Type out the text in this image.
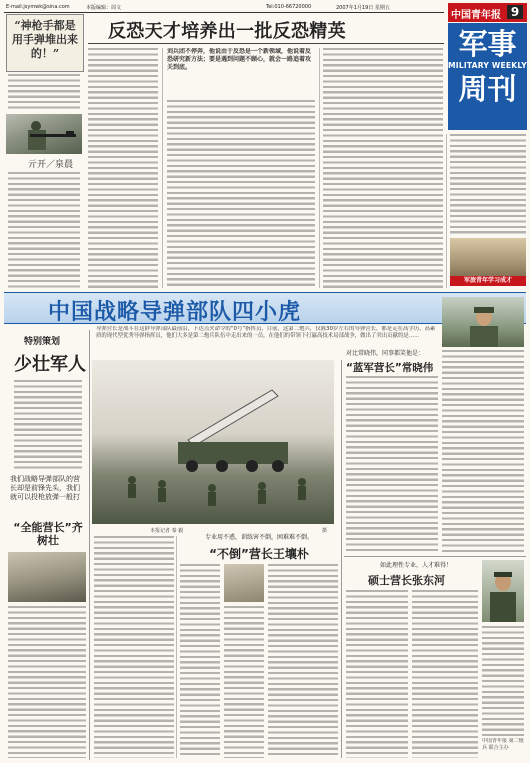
E-mail:jsymwk@sina.com	本版编辑：周文	Tel:010-66720000	2007年1月19日 星期五
中国青年报 9
军事
MILITARY WEEKLY
周刊
“神枪手都是用手弹堆出来的！”
亓开／泉晨
反恐天才培养出一批反恐精英
刘兵团不停奔，他说由于反恐是一个新领域，他说着反恐研究新方法；要是遇到问题不顾心，就会一路追着攻关到底。
军旅青年学习成才
中国战略导弹部队四小虎
导弹营长是战斗在这群导弹部队最前沿，下达点火命令的“0号”指挥员，目前，这第二炮兵，仅陈30岁左右的导弹营长，都是走在高学历、高素质的现代型优秀导弹指挥员，他们大多是第二炮兵队伍中走出来的一员，在他们的带领下打赢高技术局部战争，做出了突出贡献的是……
特别策划
少壮军人
我们战略导弹部队的营长却是前锋先头，我们就可以投枪放弹一般打
“全能营长”齐树壮
本报记者 秦 毅	摄
专业用不惑，训练害不倒，困难难不倒。
“不倒”营长王壤朴
对比常晓伟，同事都笑他是：
“蓝军营长”常晓伟
如此理性专业，人才难得！
硕士营长张东河
中国青年报 第二炮兵 联合主办
